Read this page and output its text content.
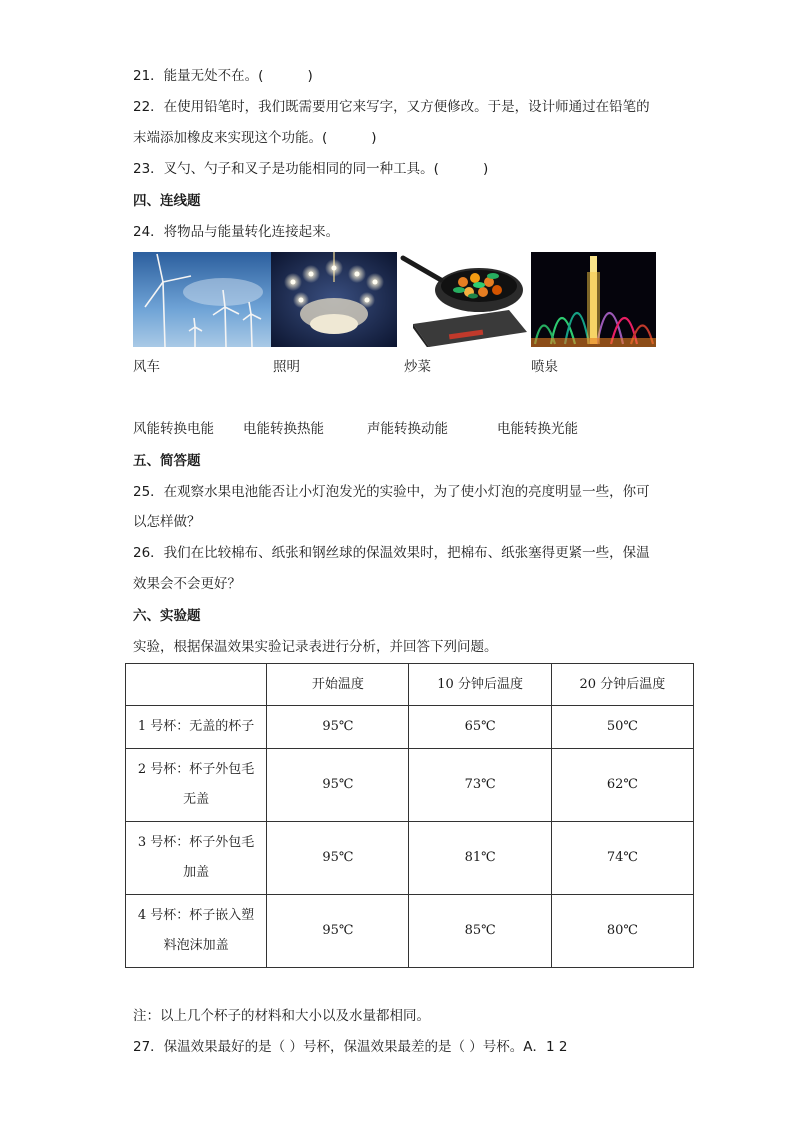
21．能量无处不在。(	)
22．在使用铅笔时，我们既需要用它来写字，又方便修改。于是，设计师通过在铅笔的
末端添加橡皮来实现这个功能。(	)
23．叉勺、勺子和叉子是功能相同的同一种工具。(	)
四、连线题
24．将物品与能量转化连接起来。
风车	照明	炒菜	喷泉
风能转换电能 电能转换热能	声能转换动能	电能转换光能
五、简答题
25．在观察水果电池能否让小灯泡发光的实验中，为了使小灯泡的亮度明显一些，你可
以怎样做？
26．我们在比较棉布、纸张和钢丝球的保温效果时，把棉布、纸张塞得更紧一些，保温
效果会不会更好？
六、实验题
实验，根据保温效果实验记录表进行分析，并回答下列问题。
	开始温度	10 分钟后温度	20 分钟后温度

1 号杯：无盖的杯子	95℃	65℃	50℃

2 号杯：杯子外包毛
无盖	95℃	73℃	62℃

3 号杯：杯子外包毛
加盖	95℃	81℃	74℃

4 号杯：杯子嵌入塑
料泡沫加盖	95℃	85℃	80℃
注：以上几个杯子的材料和大小以及水量都相同。
27．保温效果最好的是（ ）号杯，保温效果最差的是（ ）号杯。A．1 2
